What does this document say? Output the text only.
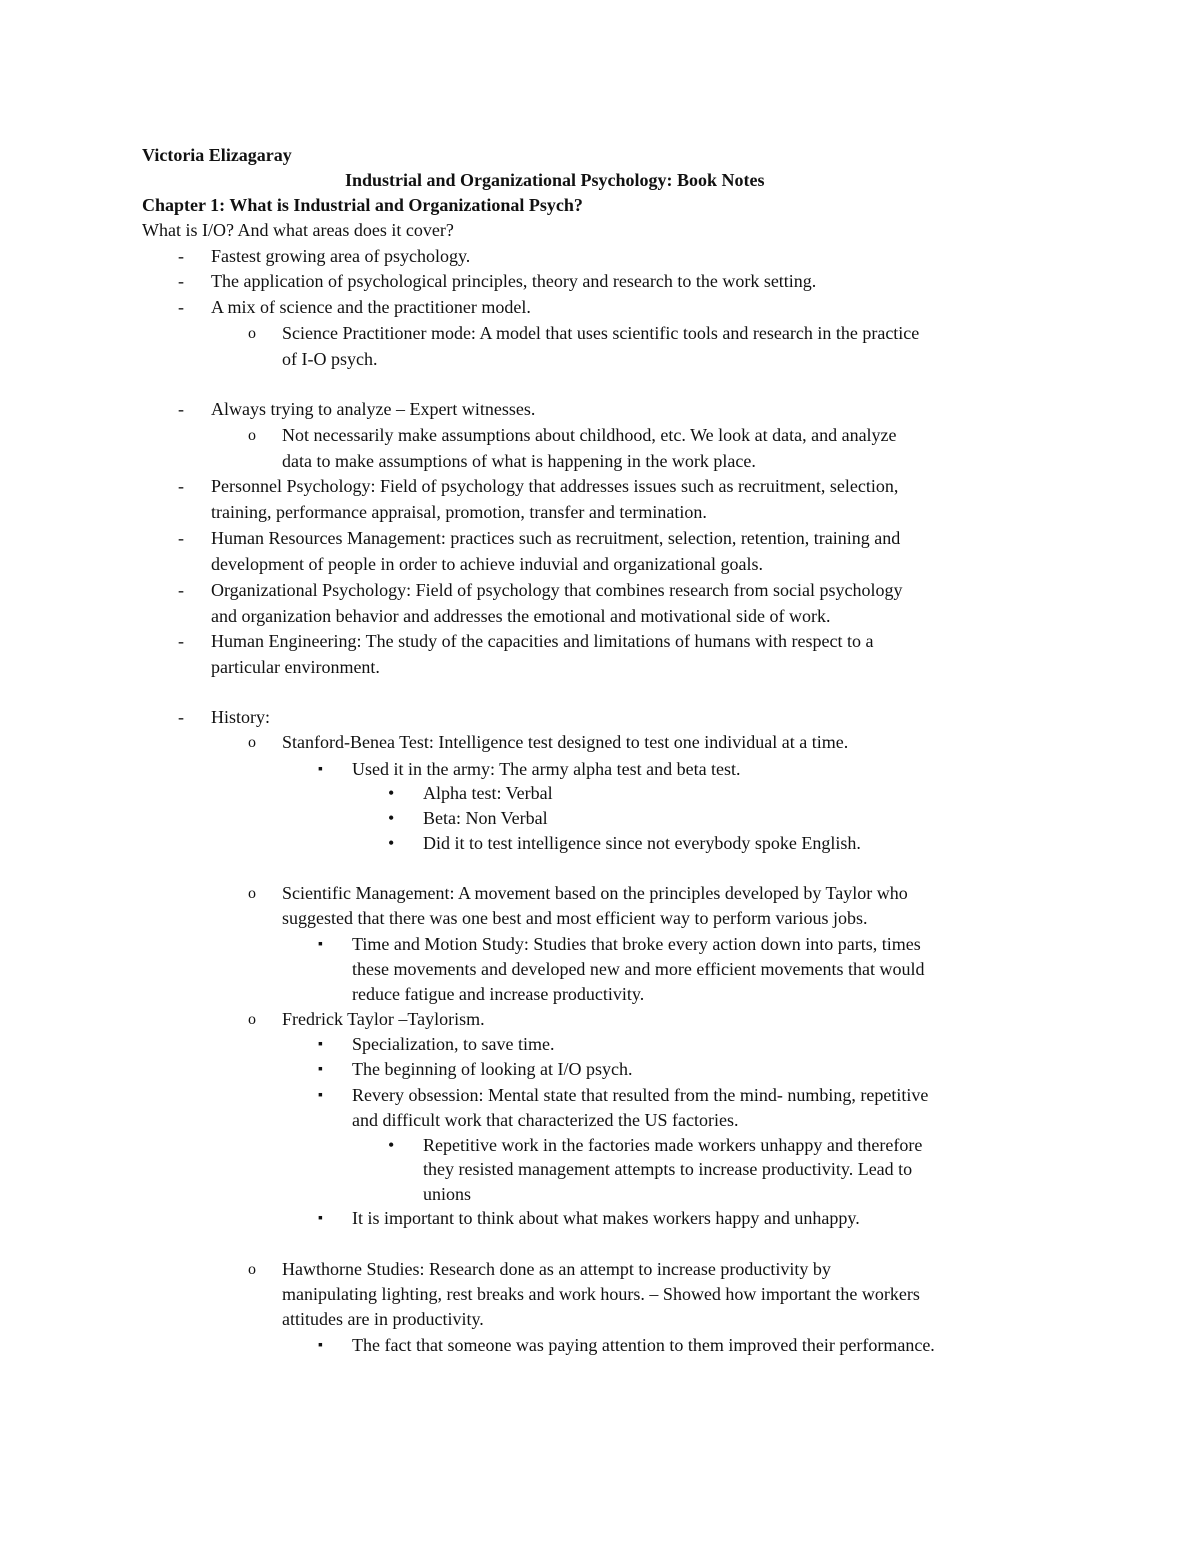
Victoria Elizagaray
Industrial and Organizational Psychology: Book Notes
Chapter 1: What is Industrial and Organizational Psych?
What is I/O? And what areas does it cover?
- Fastest growing area of psychology.
- The application of psychological principles, theory and research to the work setting.
- A mix of science and the practitioner model.
o Science Practitioner mode: A model that uses scientific tools and research in the practice
of I-O psych.
- Always trying to analyze – Expert witnesses.
o Not necessarily make assumptions about childhood, etc. We look at data, and analyze
data to make assumptions of what is happening in the work place.
- Personnel Psychology: Field of psychology that addresses issues such as recruitment, selection,
training, performance appraisal, promotion, transfer and termination.
- Human Resources Management: practices such as recruitment, selection, retention, training and
development of people in order to achieve induvial and organizational goals.
- Organizational Psychology: Field of psychology that combines research from social psychology
and organization behavior and addresses the emotional and motivational side of work.
- Human Engineering: The study of the capacities and limitations of humans with respect to a
particular environment.
- History:
o Stanford-Benea Test: Intelligence test designed to test one individual at a time.
▪ Used it in the army: The army alpha test and beta test.
• Alpha test: Verbal
• Beta: Non Verbal
• Did it to test intelligence since not everybody spoke English.
o Scientific Management: A movement based on the principles developed by Taylor who
suggested that there was one best and most efficient way to perform various jobs.
▪ Time and Motion Study: Studies that broke every action down into parts, times
these movements and developed new and more efficient movements that would
reduce fatigue and increase productivity.
o Fredrick Taylor –Taylorism.
▪ Specialization, to save time.
▪ The beginning of looking at I/O psych.
▪ Revery obsession: Mental state that resulted from the mind- numbing, repetitive
and difficult work that characterized the US factories.
• Repetitive work in the factories made workers unhappy and therefore
they resisted management attempts to increase productivity. Lead to
unions
▪ It is important to think about what makes workers happy and unhappy.
o Hawthorne Studies: Research done as an attempt to increase productivity by
manipulating lighting, rest breaks and work hours. – Showed how important the workers
attitudes are in productivity.
▪ The fact that someone was paying attention to them improved their performance.
